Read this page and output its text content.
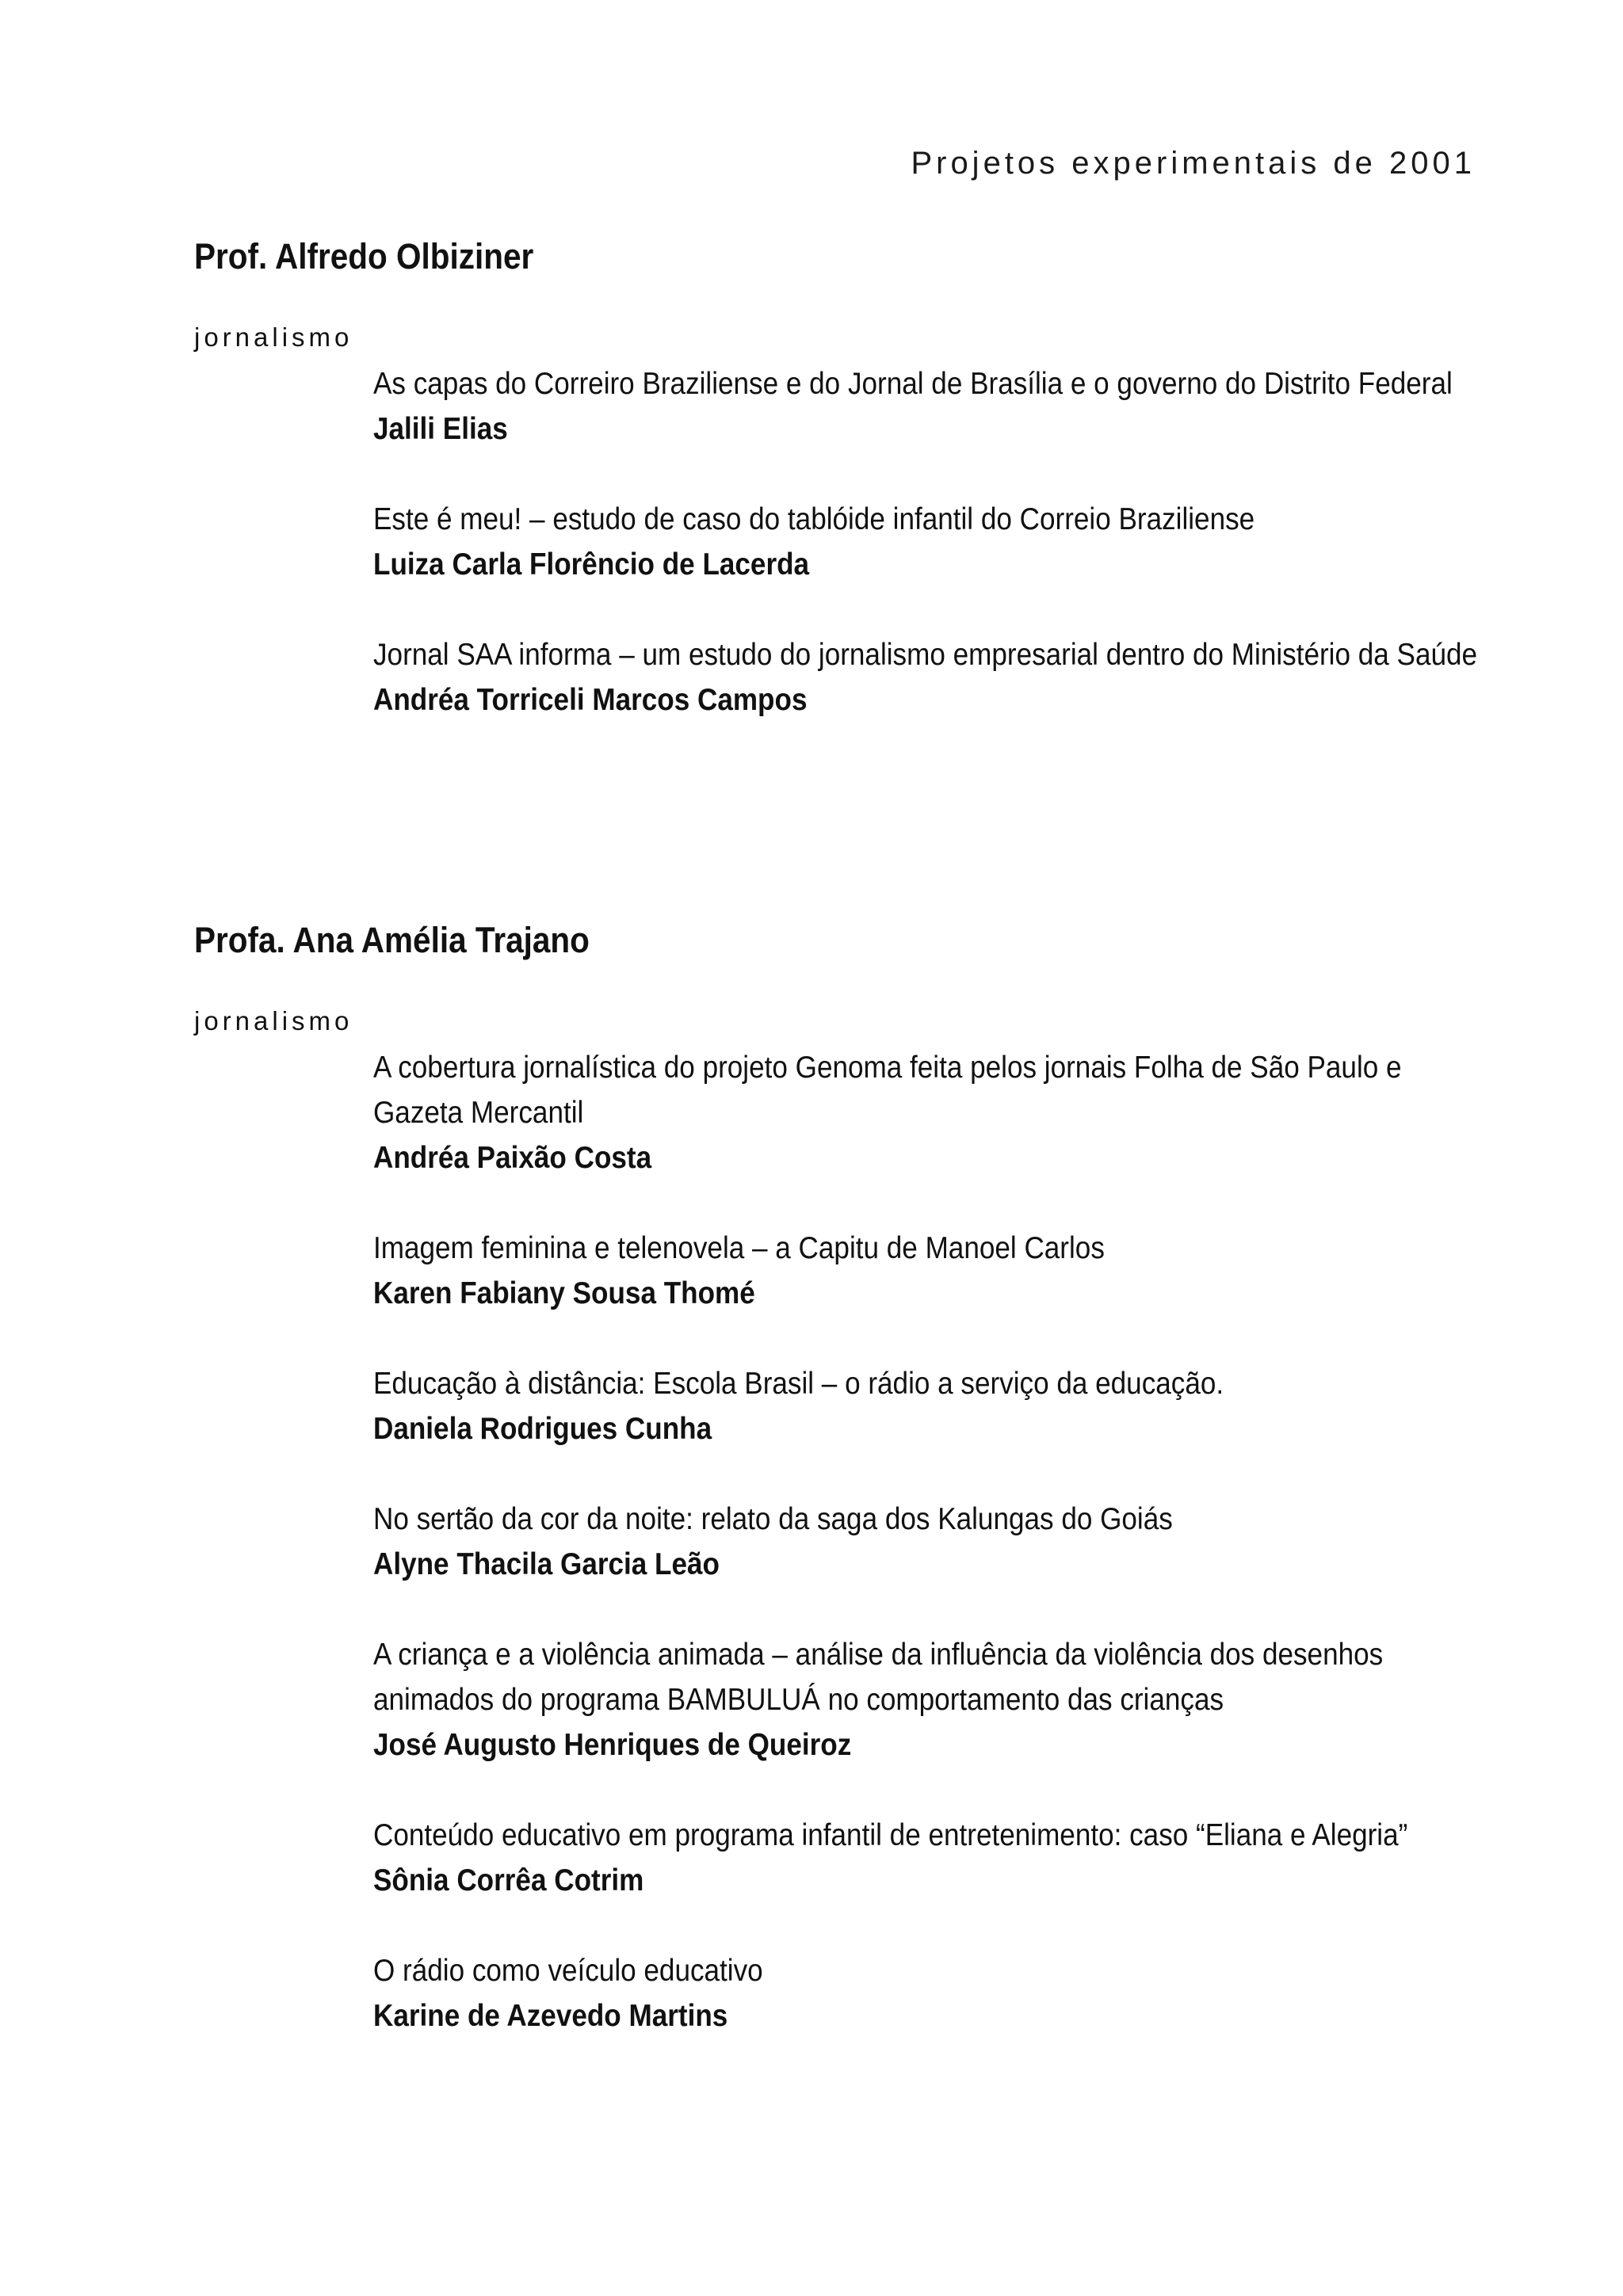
Projetos experimentais de 2001
Prof. Alfredo Olbiziner
jornalismo
As capas do Correiro Braziliense e do Jornal de Brasília e o governo do Distrito Federal
Jalili Elias
Este é meu! – estudo de caso do tablóide infantil do Correio Braziliense
Luiza Carla Florêncio de Lacerda
Jornal SAA informa – um estudo do jornalismo empresarial dentro do Ministério da Saúde
Andréa Torriceli Marcos Campos
Profa. Ana Amélia Trajano
jornalismo
A cobertura jornalística do projeto Genoma feita pelos jornais Folha de São Paulo e Gazeta Mercantil
Andréa Paixão Costa
Imagem feminina e telenovela – a Capitu de Manoel Carlos
Karen Fabiany Sousa Thomé
Educação à distância: Escola Brasil – o rádio a serviço da educação.
Daniela Rodrigues Cunha
No sertão da cor da noite: relato da saga dos Kalungas do Goiás
Alyne Thacila Garcia Leão
A criança e a violência animada – análise da influência da violência dos desenhos animados do programa BAMBULUÁ no comportamento das crianças
José Augusto Henriques de Queiroz
Conteúdo educativo em programa infantil de entretenimento: caso “Eliana e Alegria”
Sônia Corrêa Cotrim
O rádio como veículo educativo
Karine de Azevedo Martins
